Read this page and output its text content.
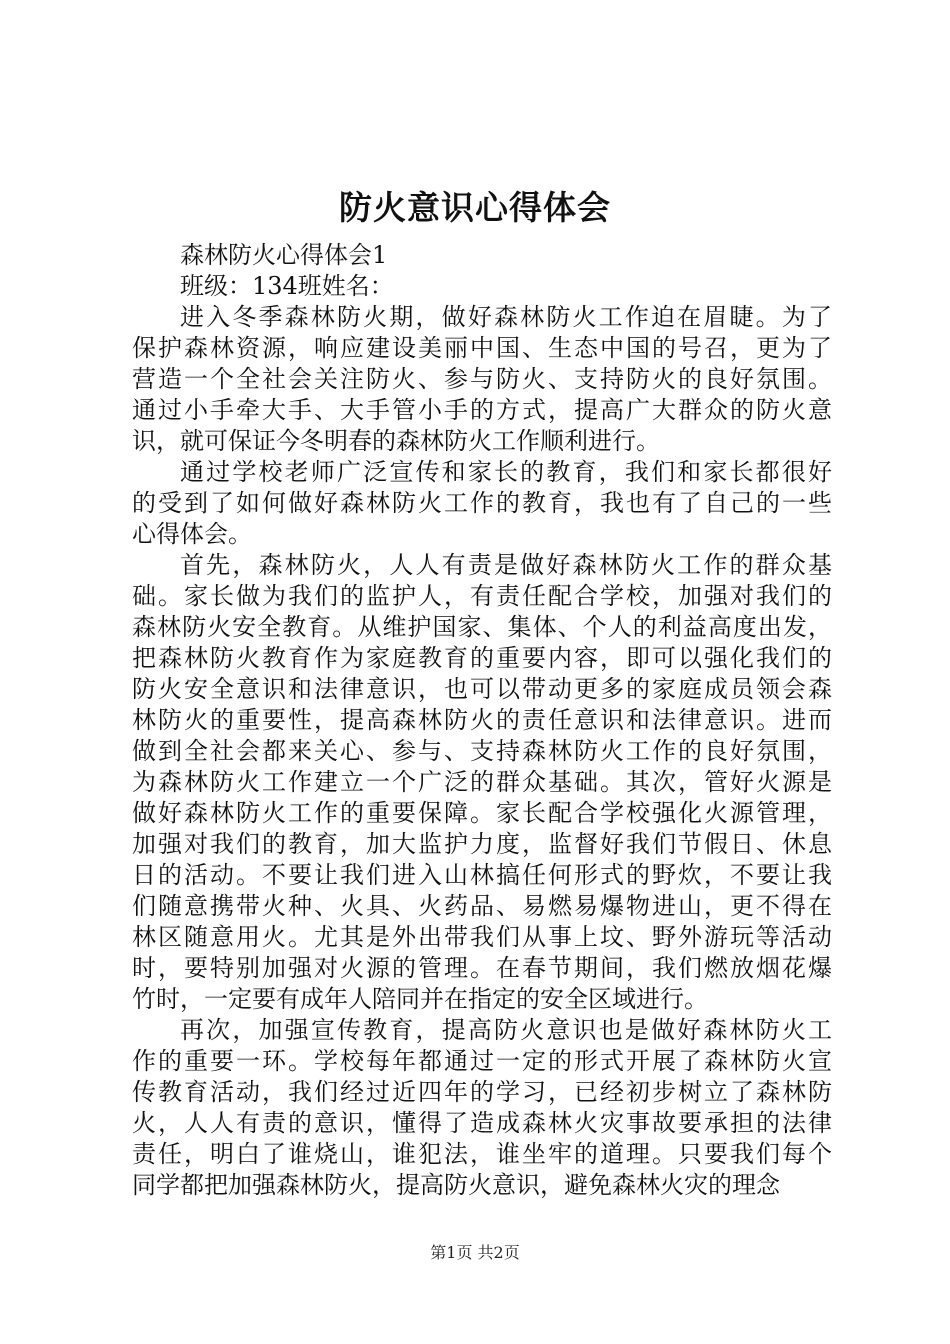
防火意识心得体会
森林防火心得体会1
班级：134班姓名：
进入冬季森林防火期，做好森林防火工作迫在眉睫。为了
保护森林资源，响应建设美丽中国、生态中国的号召，更为了
营造一个全社会关注防火、参与防火、支持防火的良好氛围。
通过小手牵大手、大手管小手的方式，提高广大群众的防火意
识，就可保证今冬明春的森林防火工作顺利进行。
通过学校老师广泛宣传和家长的教育，我们和家长都很好
的受到了如何做好森林防火工作的教育，我也有了自己的一些
心得体会。
首先，森林防火，人人有责是做好森林防火工作的群众基
础。家长做为我们的监护人，有责任配合学校，加强对我们的
森林防火安全教育。从维护国家、集体、个人的利益高度出发，
把森林防火教育作为家庭教育的重要内容，即可以强化我们的
防火安全意识和法律意识，也可以带动更多的家庭成员领会森
林防火的重要性，提高森林防火的责任意识和法律意识。进而
做到全社会都来关心、参与、支持森林防火工作的良好氛围，
为森林防火工作建立一个广泛的群众基础。其次，管好火源是
做好森林防火工作的重要保障。家长配合学校强化火源管理，
加强对我们的教育，加大监护力度，监督好我们节假日、休息
日的活动。不要让我们进入山林搞任何形式的野炊，不要让我
们随意携带火种、火具、火药品、易燃易爆物进山，更不得在
林区随意用火。尤其是外出带我们从事上坟、野外游玩等活动
时，要特别加强对火源的管理。在春节期间，我们燃放烟花爆
竹时，一定要有成年人陪同并在指定的安全区域进行。
再次，加强宣传教育，提高防火意识也是做好森林防火工
作的重要一环。学校每年都通过一定的形式开展了森林防火宣
传教育活动，我们经过近四年的学习，已经初步树立了森林防
火，人人有责的意识，懂得了造成森林火灾事故要承担的法律
责任，明白了谁烧山，谁犯法，谁坐牢的道理。只要我们每个
同学都把加强森林防火，提高防火意识，避免森林火灾的理念
第1页 共2页
